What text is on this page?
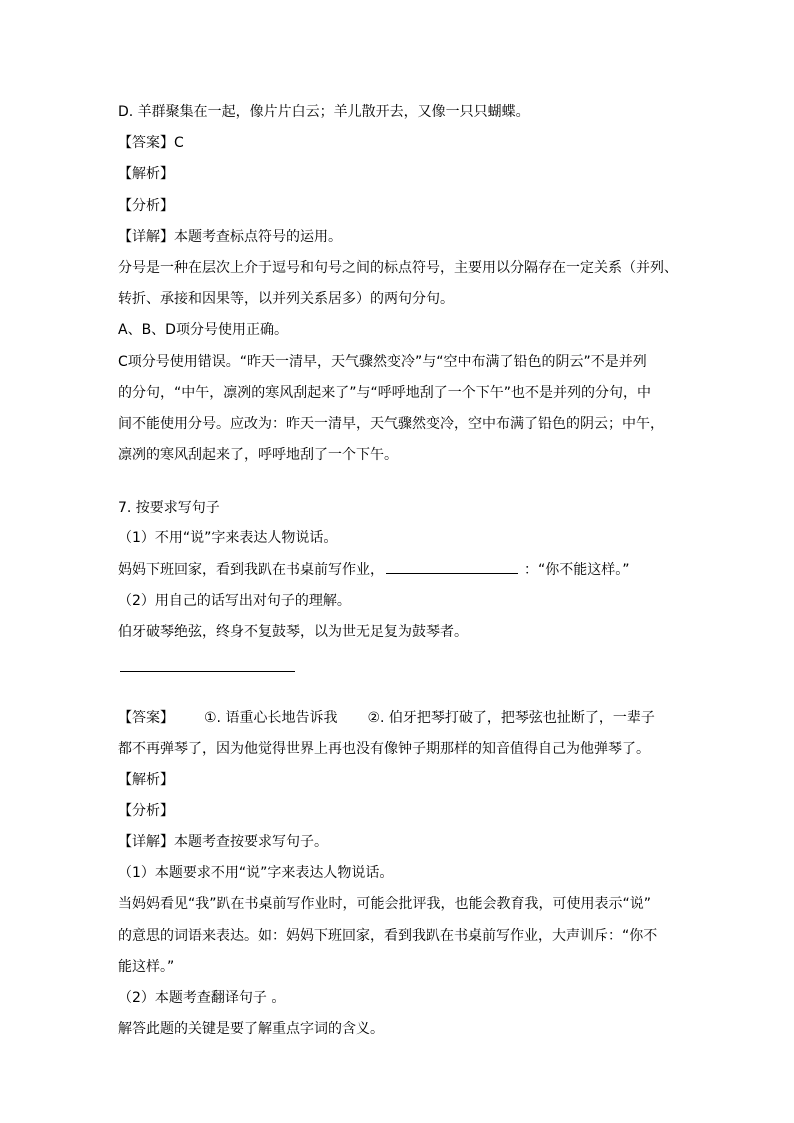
D. 羊群聚集在一起，像片片白云；羊儿散开去，又像一只只蝴蝶。
【答案】C
【解析】
【分析】
【详解】本题考查标点符号的运用。
分号是一种在层次上介于逗号和句号之间的标点符号，主要用以分隔存在一定关系（并列、
转折、承接和因果等，以并列关系居多）的两句分句。
A、B、D项分号使用正确。
C项分号使用错误。“昨天一清早，天气骤然变冷”与“空中布满了铅色的阴云”不是并列
的分句，“中午，凛冽的寒风刮起来了”与“呼呼地刮了一个下午”也不是并列的分句，中
间不能使用分号。应改为：昨天一清早，天气骤然变冷，空中布满了铅色的阴云；中午，
凛冽的寒风刮起来了，呼呼地刮了一个下午。
7. 按要求写句子
（1）不用“说”字来表达人物说话。
妈妈下班回家，看到我趴在书桌前写作业，	：“你不能这样。”
（2）用自己的话写出对句子的理解。
伯牙破琴绝弦，终身不复鼓琴，以为世无足复为鼓琴者。
【答案】 ①. 语重心长地告诉我 ②. 伯牙把琴打破了，把琴弦也扯断了，一辈子
都不再弹琴了，因为他觉得世界上再也没有像钟子期那样的知音值得自己为他弹琴了。
【解析】
【分析】
【详解】本题考查按要求写句子。
（1）本题要求不用“说”字来表达人物说话。
当妈妈看见“我”趴在书桌前写作业时，可能会批评我，也能会教育我，可使用表示“说”
的意思的词语来表达。如：妈妈下班回家，看到我趴在书桌前写作业，大声训斥：“你不
能这样。”
（2）本题考查翻译句子 。
解答此题的关键是要了解重点字词的含义。
